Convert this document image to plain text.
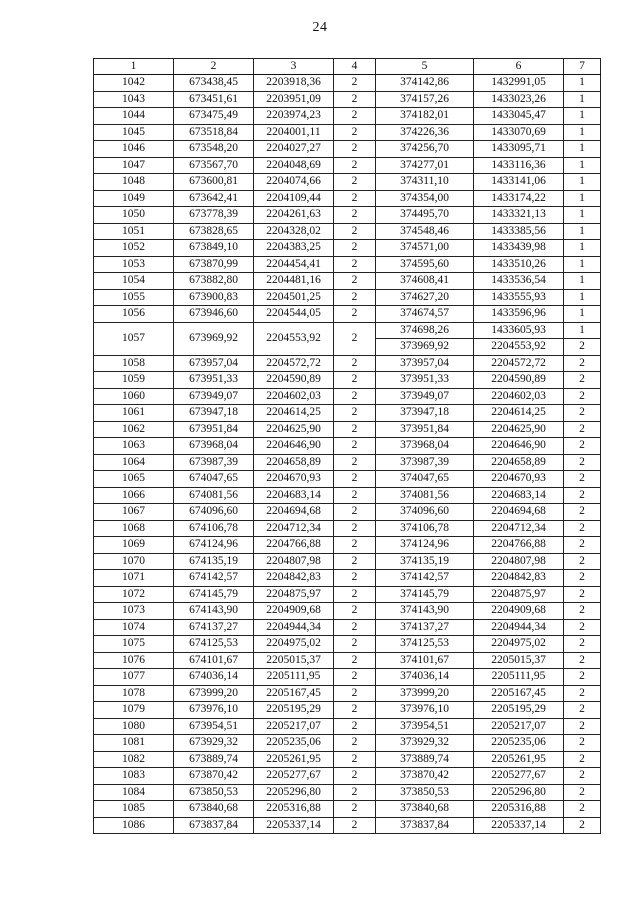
24
1	2	3	4	5	6	7
1042	673438,45	2203918,36	2	374142,86	1432991,05	1
1043	673451,61	2203951,09	2	374157,26	1433023,26	1
1044	673475,49	2203974,23	2	374182,01	1433045,47	1
1045	673518,84	2204001,11	2	374226,36	1433070,69	1
1046	673548,20	2204027,27	2	374256,70	1433095,71	1
1047	673567,70	2204048,69	2	374277,01	1433116,36	1
1048	673600,81	2204074,66	2	374311,10	1433141,06	1
1049	673642,41	2204109,44	2	374354,00	1433174,22	1
1050	673778,39	2204261,63	2	374495,70	1433321,13	1
1051	673828,65	2204328,02	2	374548,46	1433385,56	1
1052	673849,10	2204383,25	2	374571,00	1433439,98	1
1053	673870,99	2204454,41	2	374595,60	1433510,26	1
1054	673882,80	2204481,16	2	374608,41	1433536,54	1
1055	673900,83	2204501,25	2	374627,20	1433555,93	1
1056	673946,60	2204544,05	2	374674,57	1433596,96	1
1057	673969,92	2204553,92	2	374698,26	1433605,93	1
				373969,92	2204553,92	2
1058	673957,04	2204572,72	2	373957,04	2204572,72	2
1059	673951,33	2204590,89	2	373951,33	2204590,89	2
1060	673949,07	2204602,03	2	373949,07	2204602,03	2
1061	673947,18	2204614,25	2	373947,18	2204614,25	2
1062	673951,84	2204625,90	2	373951,84	2204625,90	2
1063	673968,04	2204646,90	2	373968,04	2204646,90	2
1064	673987,39	2204658,89	2	373987,39	2204658,89	2
1065	674047,65	2204670,93	2	374047,65	2204670,93	2
1066	674081,56	2204683,14	2	374081,56	2204683,14	2
1067	674096,60	2204694,68	2	374096,60	2204694,68	2
1068	674106,78	2204712,34	2	374106,78	2204712,34	2
1069	674124,96	2204766,88	2	374124,96	2204766,88	2
1070	674135,19	2204807,98	2	374135,19	2204807,98	2
1071	674142,57	2204842,83	2	374142,57	2204842,83	2
1072	674145,79	2204875,97	2	374145,79	2204875,97	2
1073	674143,90	2204909,68	2	374143,90	2204909,68	2
1074	674137,27	2204944,34	2	374137,27	2204944,34	2
1075	674125,53	2204975,02	2	374125,53	2204975,02	2
1076	674101,67	2205015,37	2	374101,67	2205015,37	2
1077	674036,14	2205111,95	2	374036,14	2205111,95	2
1078	673999,20	2205167,45	2	373999,20	2205167,45	2
1079	673976,10	2205195,29	2	373976,10	2205195,29	2
1080	673954,51	2205217,07	2	373954,51	2205217,07	2
1081	673929,32	2205235,06	2	373929,32	2205235,06	2
1082	673889,74	2205261,95	2	373889,74	2205261,95	2
1083	673870,42	2205277,67	2	373870,42	2205277,67	2
1084	673850,53	2205296,80	2	373850,53	2205296,80	2
1085	673840,68	2205316,88	2	373840,68	2205316,88	2
1086	673837,84	2205337,14	2	373837,84	2205337,14	2
